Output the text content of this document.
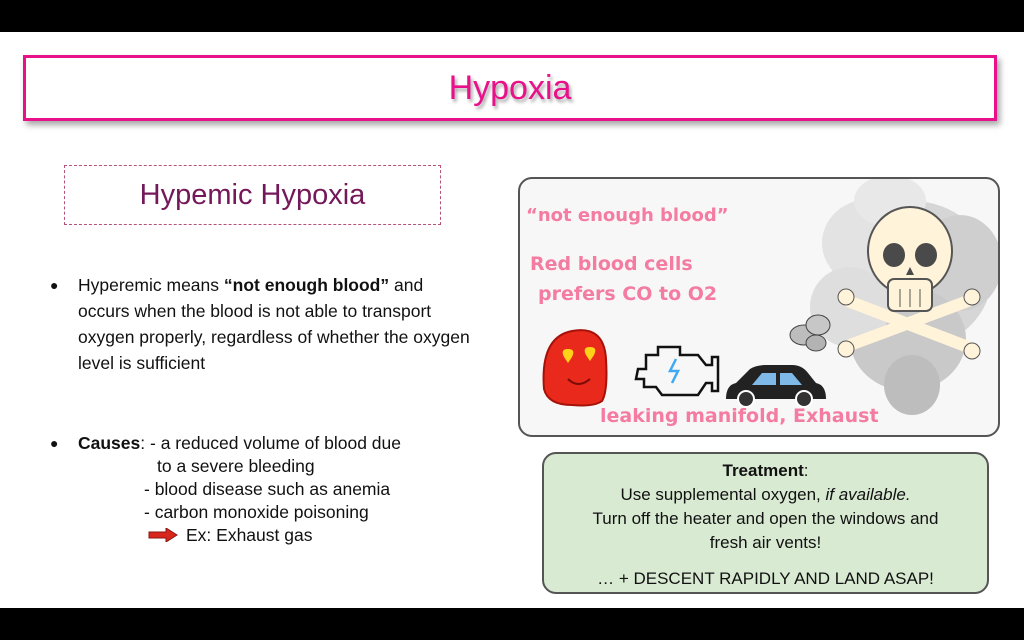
Hypoxia
Hypemic Hypoxia
●	Hyperemic means “not enough blood” and occurs when the blood is not able to transport oxygen properly, regardless of whether the oxygen level is sufficient
●	Causes: - a reduced volume of blood due
to a severe bleeding
- blood disease such as anemia
- carbon monoxide poisoning
Ex: Exhaust gas
“not enough blood”
Red blood cells
prefers CO to O2
leaking manifold, Exhaust
Treatment:
Use supplemental oxygen, if available.
Turn off the heater and open the windows and
fresh air vents!
… + DESCENT RAPIDLY AND LAND ASAP!
